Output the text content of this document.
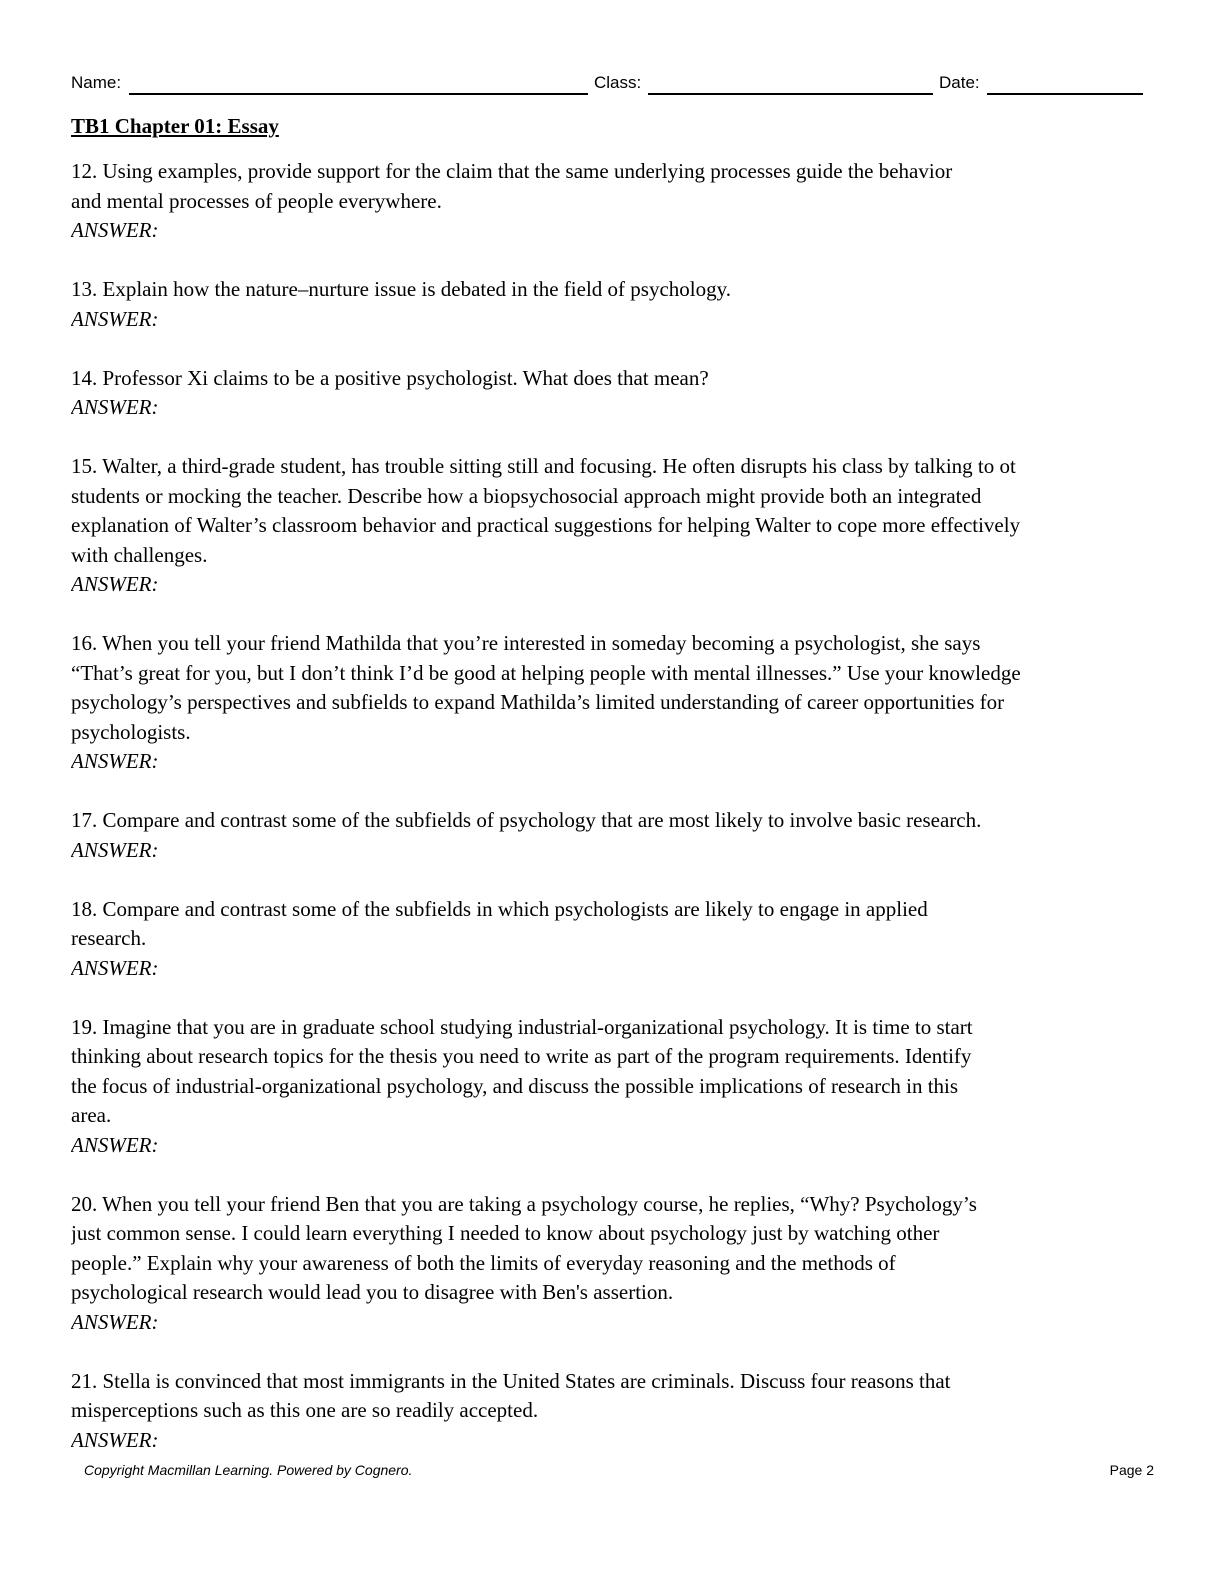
Name:	Class:	Date:
TB1 Chapter 01: Essay
12. Using examples, provide support for the claim that the same underlying processes guide the behavior
and mental processes of people everywhere.
ANSWER:
13. Explain how the nature–nurture issue is debated in the field of psychology.
ANSWER:
14. Professor Xi claims to be a positive psychologist. What does that mean?
ANSWER:
15. Walter, a third-grade student, has trouble sitting still and focusing. He often disrupts his class by talking to ot
students or mocking the teacher. Describe how a biopsychosocial approach might provide both an integrated
explanation of Walter’s classroom behavior and practical suggestions for helping Walter to cope more effectively
with challenges.
ANSWER:
16. When you tell your friend Mathilda that you’re interested in someday becoming a psychologist, she says
“That’s great for you, but I don’t think I’d be good at helping people with mental illnesses.” Use your knowledge
psychology’s perspectives and subfields to expand Mathilda’s limited understanding of career opportunities for
psychologists.
ANSWER:
17. Compare and contrast some of the subfields of psychology that are most likely to involve basic research.
ANSWER:
18. Compare and contrast some of the subfields in which psychologists are likely to engage in applied
research.
ANSWER:
19. Imagine that you are in graduate school studying industrial-organizational psychology. It is time to start
thinking about research topics for the thesis you need to write as part of the program requirements. Identify
the focus of industrial-organizational psychology, and discuss the possible implications of research in this
area.
ANSWER:
20. When you tell your friend Ben that you are taking a psychology course, he replies, “Why? Psychology’s
just common sense. I could learn everything I needed to know about psychology just by watching other
people.” Explain why your awareness of both the limits of everyday reasoning and the methods of
psychological research would lead you to disagree with Ben's assertion.
ANSWER:
21. Stella is convinced that most immigrants in the United States are criminals. Discuss four reasons that
misperceptions such as this one are so readily accepted.
ANSWER:
Copyright Macmillan Learning. Powered by Cognero.	Page 2
